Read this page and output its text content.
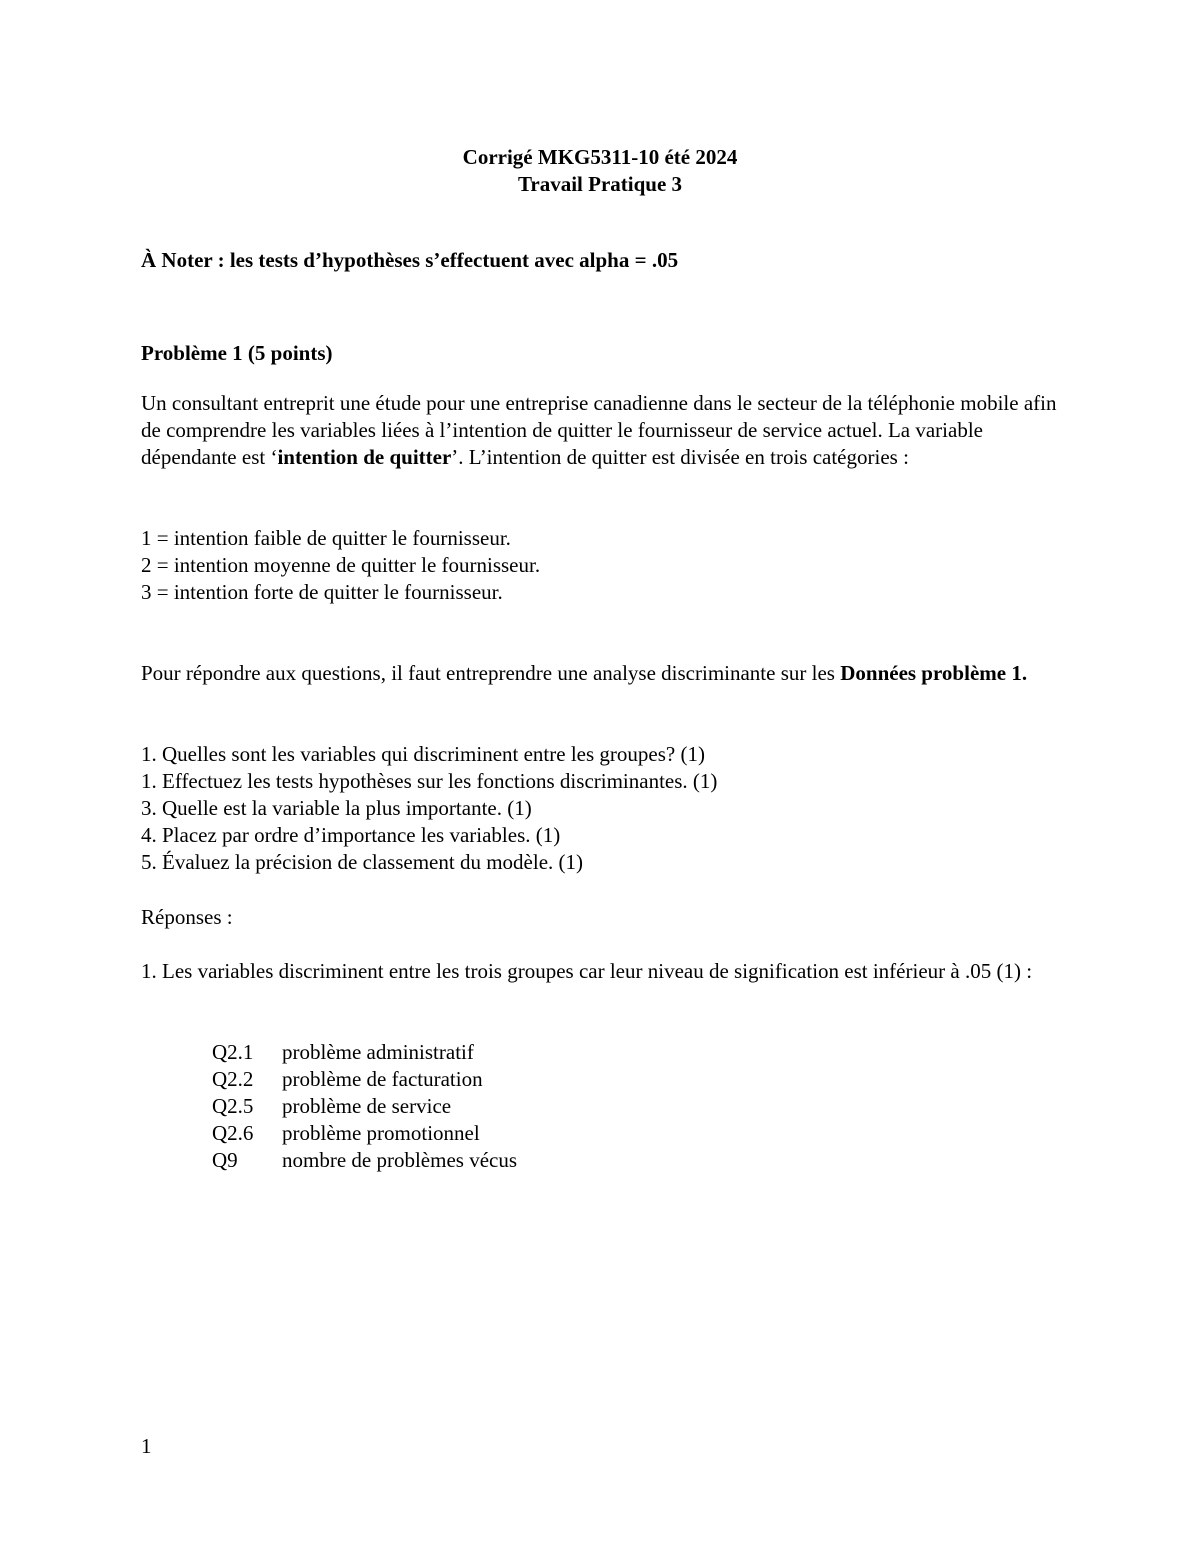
Corrigé MKG5311-10 été 2024
Travail Pratique 3
À Noter : les tests d’hypothèses s’effectuent avec alpha = .05
Problème 1 (5 points)

Un consultant entreprit une étude pour une entreprise canadienne dans le secteur de la téléphonie mobile afin de comprendre les variables liées à l’intention de quitter le fournisseur de service actuel. La variable dépendante est ‘intention de quitter’. L’intention de quitter est divisée en trois catégories :

1 = intention faible de quitter le fournisseur.
2 = intention moyenne de quitter le fournisseur.
3 = intention forte de quitter le fournisseur.

Pour répondre aux questions, il faut entreprendre une analyse discriminante sur les Données problème 1.

1. Quelles sont les variables qui discriminent entre les groupes? (1)
1. Effectuez les tests hypothèses sur les fonctions discriminantes. (1)
3. Quelle est la variable la plus importante. (1)
4. Placez par ordre d’importance les variables. (1)
5. Évaluez la précision de classement du modèle. (1)
Réponses :

1. Les variables discriminent entre les trois groupes car leur niveau de signification est inférieur à .05 (1) :

Q2.1 problème administratif
Q2.2 problème de facturation
Q2.5 problème de service
Q2.6 problème promotionnel
Q9 nombre de problèmes vécus
1
